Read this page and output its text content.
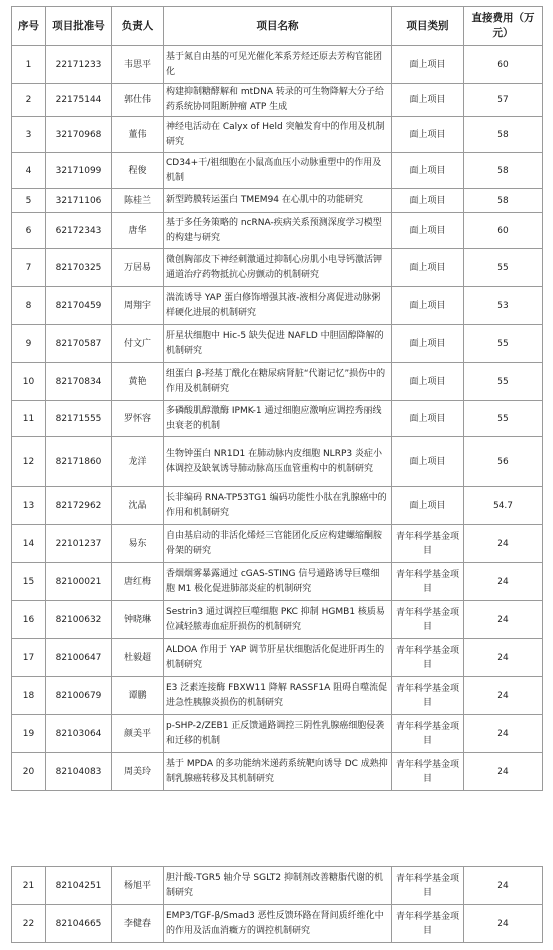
序号	项目批准号	负责人	项目名称	项目类别	直接费用（万元）
1	22171233	韦思平	基于氮自由基的可见光催化苯系芳烃还原去芳构官能团化	面上项目	60
2	22175144	郭仕伟	构建抑制糖酵解和 mtDNA 转录的可生物降解大分子给药系统协同阻断肿瘤 ATP 生成	面上项目	57
3	32170968	董伟	神经电活动在 Calyx of Held 突触发育中的作用及机制研究	面上项目	58
4	32171099	程俊	CD34+干/祖细胞在小鼠高血压小动脉重塑中的作用及机制	面上项目	58
5	32171106	陈桂兰	新型跨膜转运蛋白 TMEM94 在心肌中的功能研究	面上项目	58
6	62172343	唐华	基于多任务策略的 ncRNA-疾病关系预测深度学习模型的构建与研究	面上项目	60
7	82170325	万居易	微创胸部皮下神经刺激通过抑制心房肌小电导钙激活钾通道治疗药物抵抗心房颤动的机制研究	面上项目	55
8	82170459	周翔宇	湍流诱导 YAP 蛋白修饰增强其液-液相分离促进动脉粥样硬化进展的机制研究	面上项目	53
9	82170587	付文广	肝星状细胞中 Hic-5 缺失促进 NAFLD 中胆固醇降解的机制研究	面上项目	55
10	82170834	黄艳	组蛋白 β-羟基丁酰化在糖尿病肾脏“代谢记忆”损伤中的作用及机制研究	面上项目	55
11	82171555	罗怀容	多磷酸肌醇激酶 IPMK-1 通过细胞应激响应调控秀丽线虫衰老的机制	面上项目	55
12	82171860	龙洋	生物钟蛋白 NR1D1 在肺动脉内皮细胞 NLRP3 炎症小体调控及缺氧诱导肺动脉高压血管重构中的机制研究	面上项目	56
13	82172962	沈晶	长非编码 RNA-TP53TG1 编码功能性小肽在乳腺癌中的作用和机制研究	面上项目	54.7
14	22101237	易东	自由基启动的非活化烯烃三官能团化反应构建螺缩酮胺骨架的研究	青年科学基金项目	24
15	82100021	唐红梅	香烟烟雾暴露通过 cGAS-STING 信号通路诱导巨噬细胞 M1 极化促进肺部炎症的机制研究	青年科学基金项目	24
16	82100632	钟晓琳	Sestrin3 通过调控巨噬细胞 PKC 抑制 HGMB1 核质易位减轻脓毒血症肝损伤的机制研究	青年科学基金项目	24
17	82100647	杜毅超	ALDOA 作用于 YAP 调节肝星状细胞活化促进肝再生的机制研究	青年科学基金项目	24
18	82100679	谭鹏	E3 泛素连接酶 FBXW11 降解 RASSF1A 阻碍自噬流促进急性胰腺炎损伤的机制研究	青年科学基金项目	24
19	82103064	颜美平	p-SHP-2/ZEB1 正反馈通路调控三阴性乳腺癌细胞侵袭和迁移的机制	青年科学基金项目	24
20	82104083	周美玲	基于 MPDA 的多功能纳米递药系统靶向诱导 DC 成熟抑制乳腺癌转移及其机制研究	青年科学基金项目	24
21	82104251	杨旭平	胆汁酸-TGR5 轴介导 SGLT2 抑制剂改善糖脂代谢的机制研究	青年科学基金项目	24
22	82104665	李健春	EMP3/TGF-β/Smad3 恶性反馈环路在肾间质纤维化中的作用及活血消癥方的调控机制研究	青年科学基金项目	24
